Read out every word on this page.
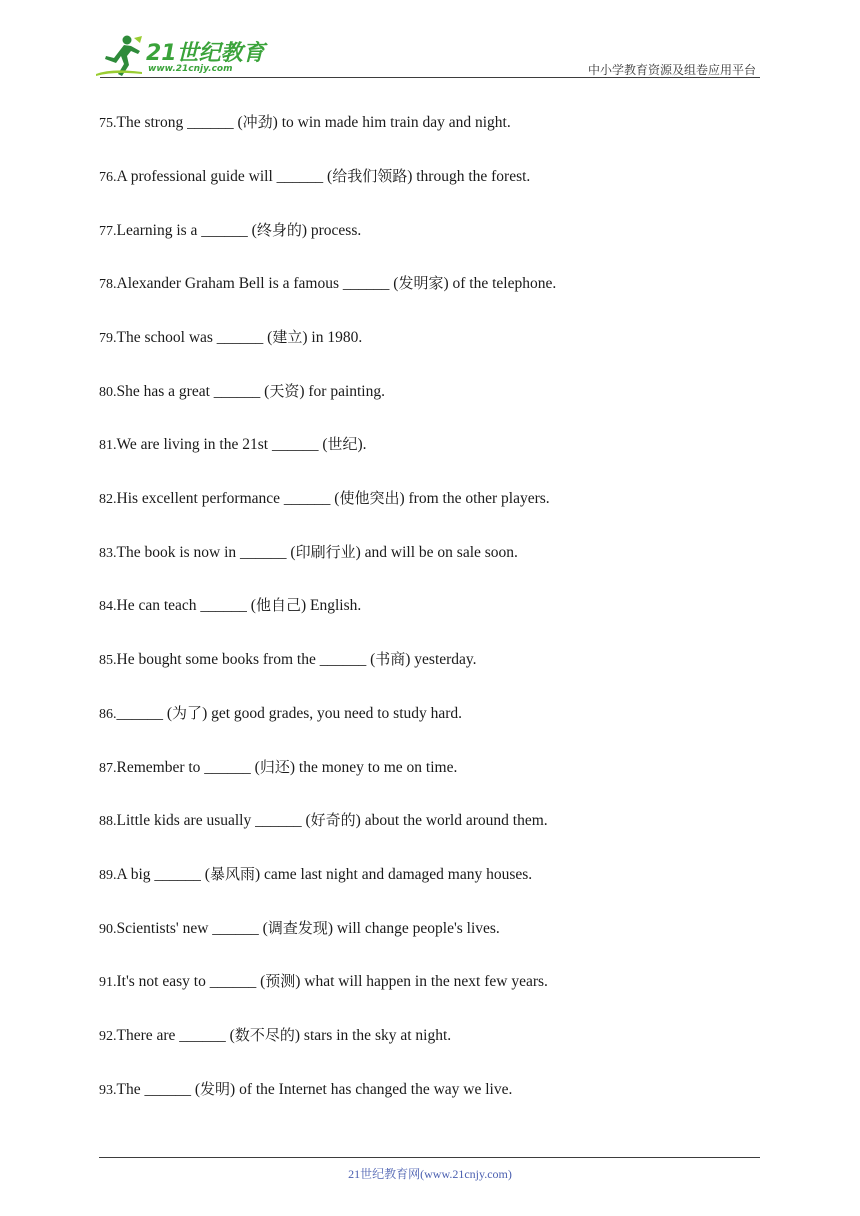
21世纪教育
www.21cnjy.com	中小学教育资源及组卷应用平台
75.The strong ______ (冲劲) to win made him train day and night.
76.A professional guide will ______ (给我们领路) through the forest.
77.Learning is a ______ (终身的) process.
78.Alexander Graham Bell is a famous ______ (发明家) of the telephone.
79.The school was ______ (建立) in 1980.
80.She has a great ______ (天资) for painting.
81.We are living in the 21st ______ (世纪).
82.His excellent performance ______ (使他突出) from the other players.
83.The book is now in ______ (印刷行业) and will be on sale soon.
84.He can teach ______ (他自己) English.
85.He bought some books from the ______ (书商) yesterday.
86.______ (为了) get good grades, you need to study hard.
87.Remember to ______ (归还) the money to me on time.
88.Little kids are usually ______ (好奇的) about the world around them.
89.A big ______ (暴风雨) came last night and damaged many houses.
90.Scientists' new ______ (调查发现) will change people's lives.
91.It's not easy to ______ (预测) what will happen in the next few years.
92.There are ______ (数不尽的) stars in the sky at night.
93.The ______ (发明) of the Internet has changed the way we live.
21世纪教育网(www.21cnjy.com)
